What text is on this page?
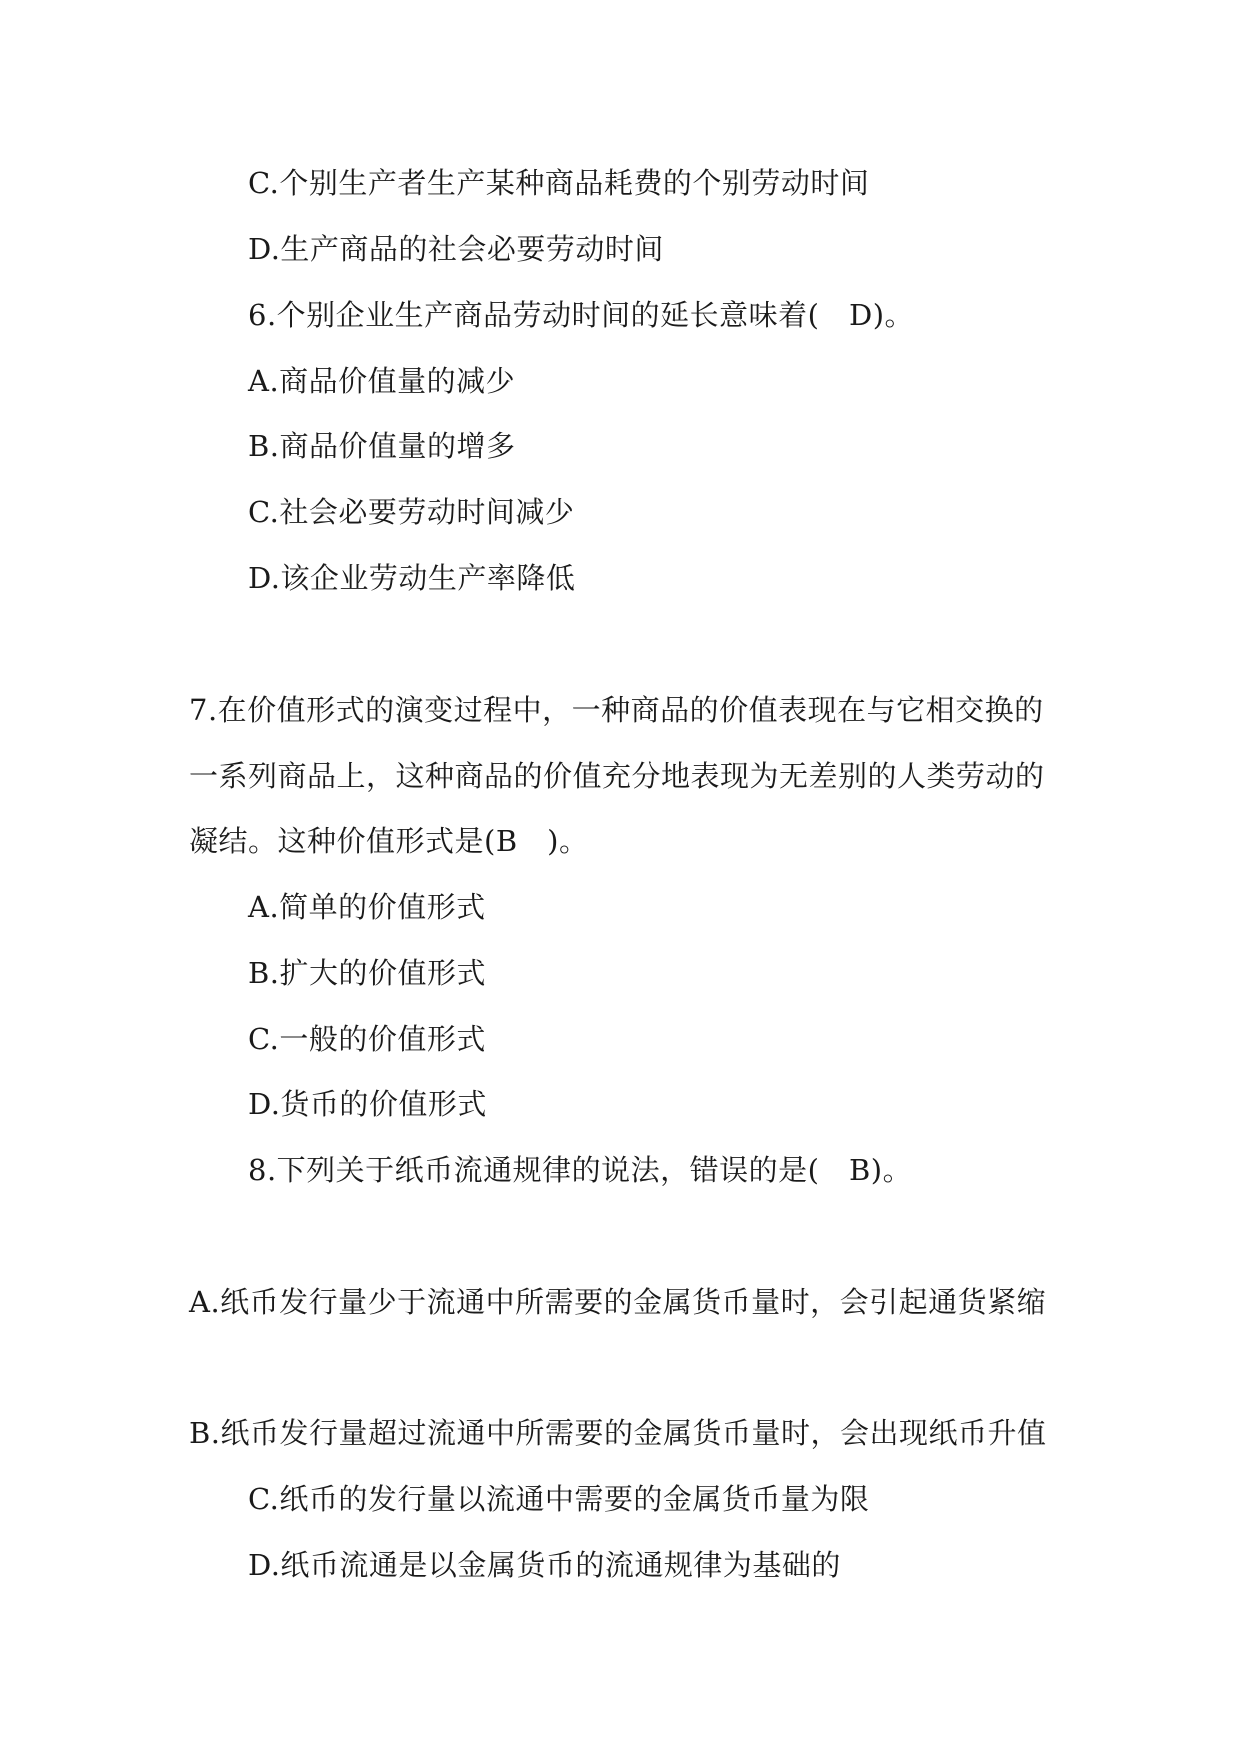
C.个别生产者生产某种商品耗费的个别劳动时间
D.生产商品的社会必要劳动时间
6.个别企业生产商品劳动时间的延长意味着(　D)。
A.商品价值量的减少
B.商品价值量的增多
C.社会必要劳动时间减少
D.该企业劳动生产率降低
7.在价值形式的演变过程中，一种商品的价值表现在与它相交换的
一系列商品上，这种商品的价值充分地表现为无差别的人类劳动的
凝结。这种价值形式是(B　)。
A.简单的价值形式
B.扩大的价值形式
C.一般的价值形式
D.货币的价值形式
8.下列关于纸币流通规律的说法，错误的是(　B)。
A.纸币发行量少于流通中所需要的金属货币量时，会引起通货紧缩
B.纸币发行量超过流通中所需要的金属货币量时，会出现纸币升值
C.纸币的发行量以流通中需要的金属货币量为限
D.纸币流通是以金属货币的流通规律为基础的
